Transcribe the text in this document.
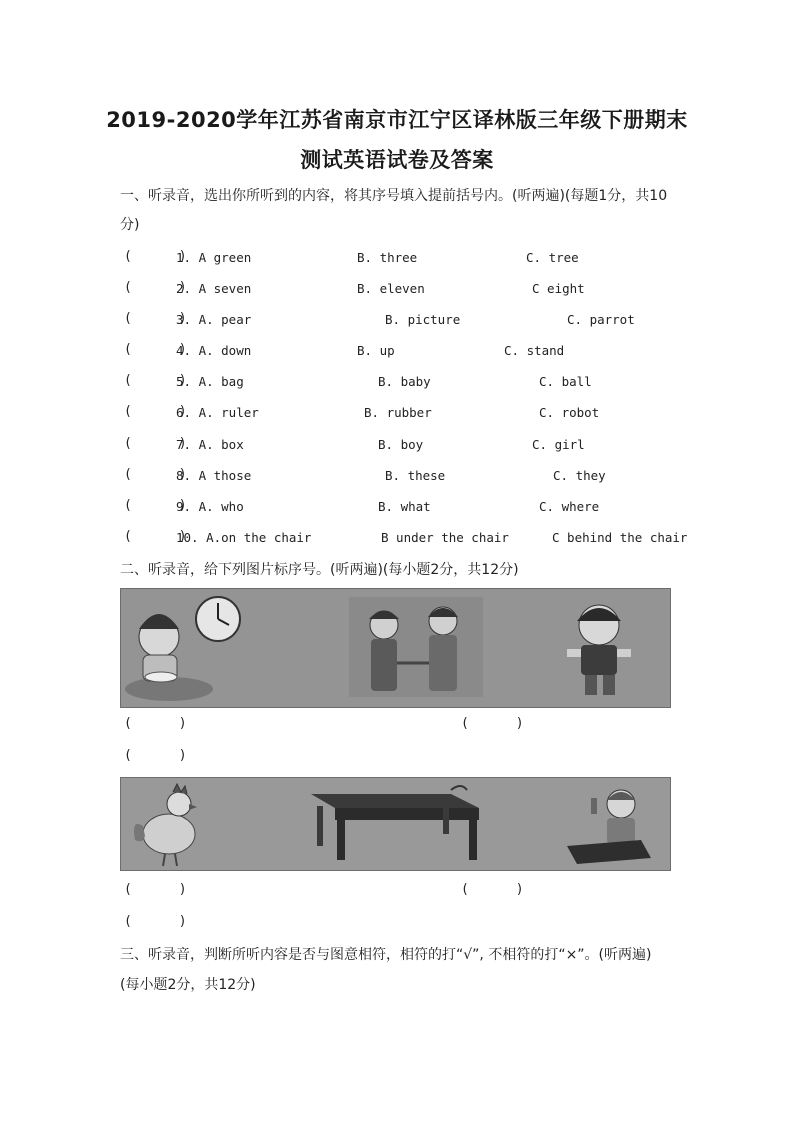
2019-2020学年江苏省南京市江宁区译林版三年级下册期末
测试英语试卷及答案
一、听录音，选出你所听到的内容，将其序号填入提前括号内。(听两遍)(每题1分，共10
分)
(      )
1. A green	B. three	C. tree
(      )
2. A seven	B. eleven	C eight
(      )
3. A. pear	B. picture	C. parrot
(      )
4. A. down	B. up	C. stand
(      )
5. A. bag	B. baby	C. ball
(      )
6. A. ruler	B. rubber	C. robot
(      )
7. A. box	B. boy	C. girl
(      )
8. A those	B. these	C. they
(      )
9. A. who	B. what	C. where
(      )
10. A.on the chair	B under the chair	C behind the chair
二、听录音，给下列图片标序号。(听两遍)(每小题2分，共12分)
(      )	(      )
(      )
(      )	(      )
(      )
三、听录音，判断所听内容是否与图意相符，相符的打“√”, 不相符的打“×”。(听两遍)
(每小题2分，共12分)
